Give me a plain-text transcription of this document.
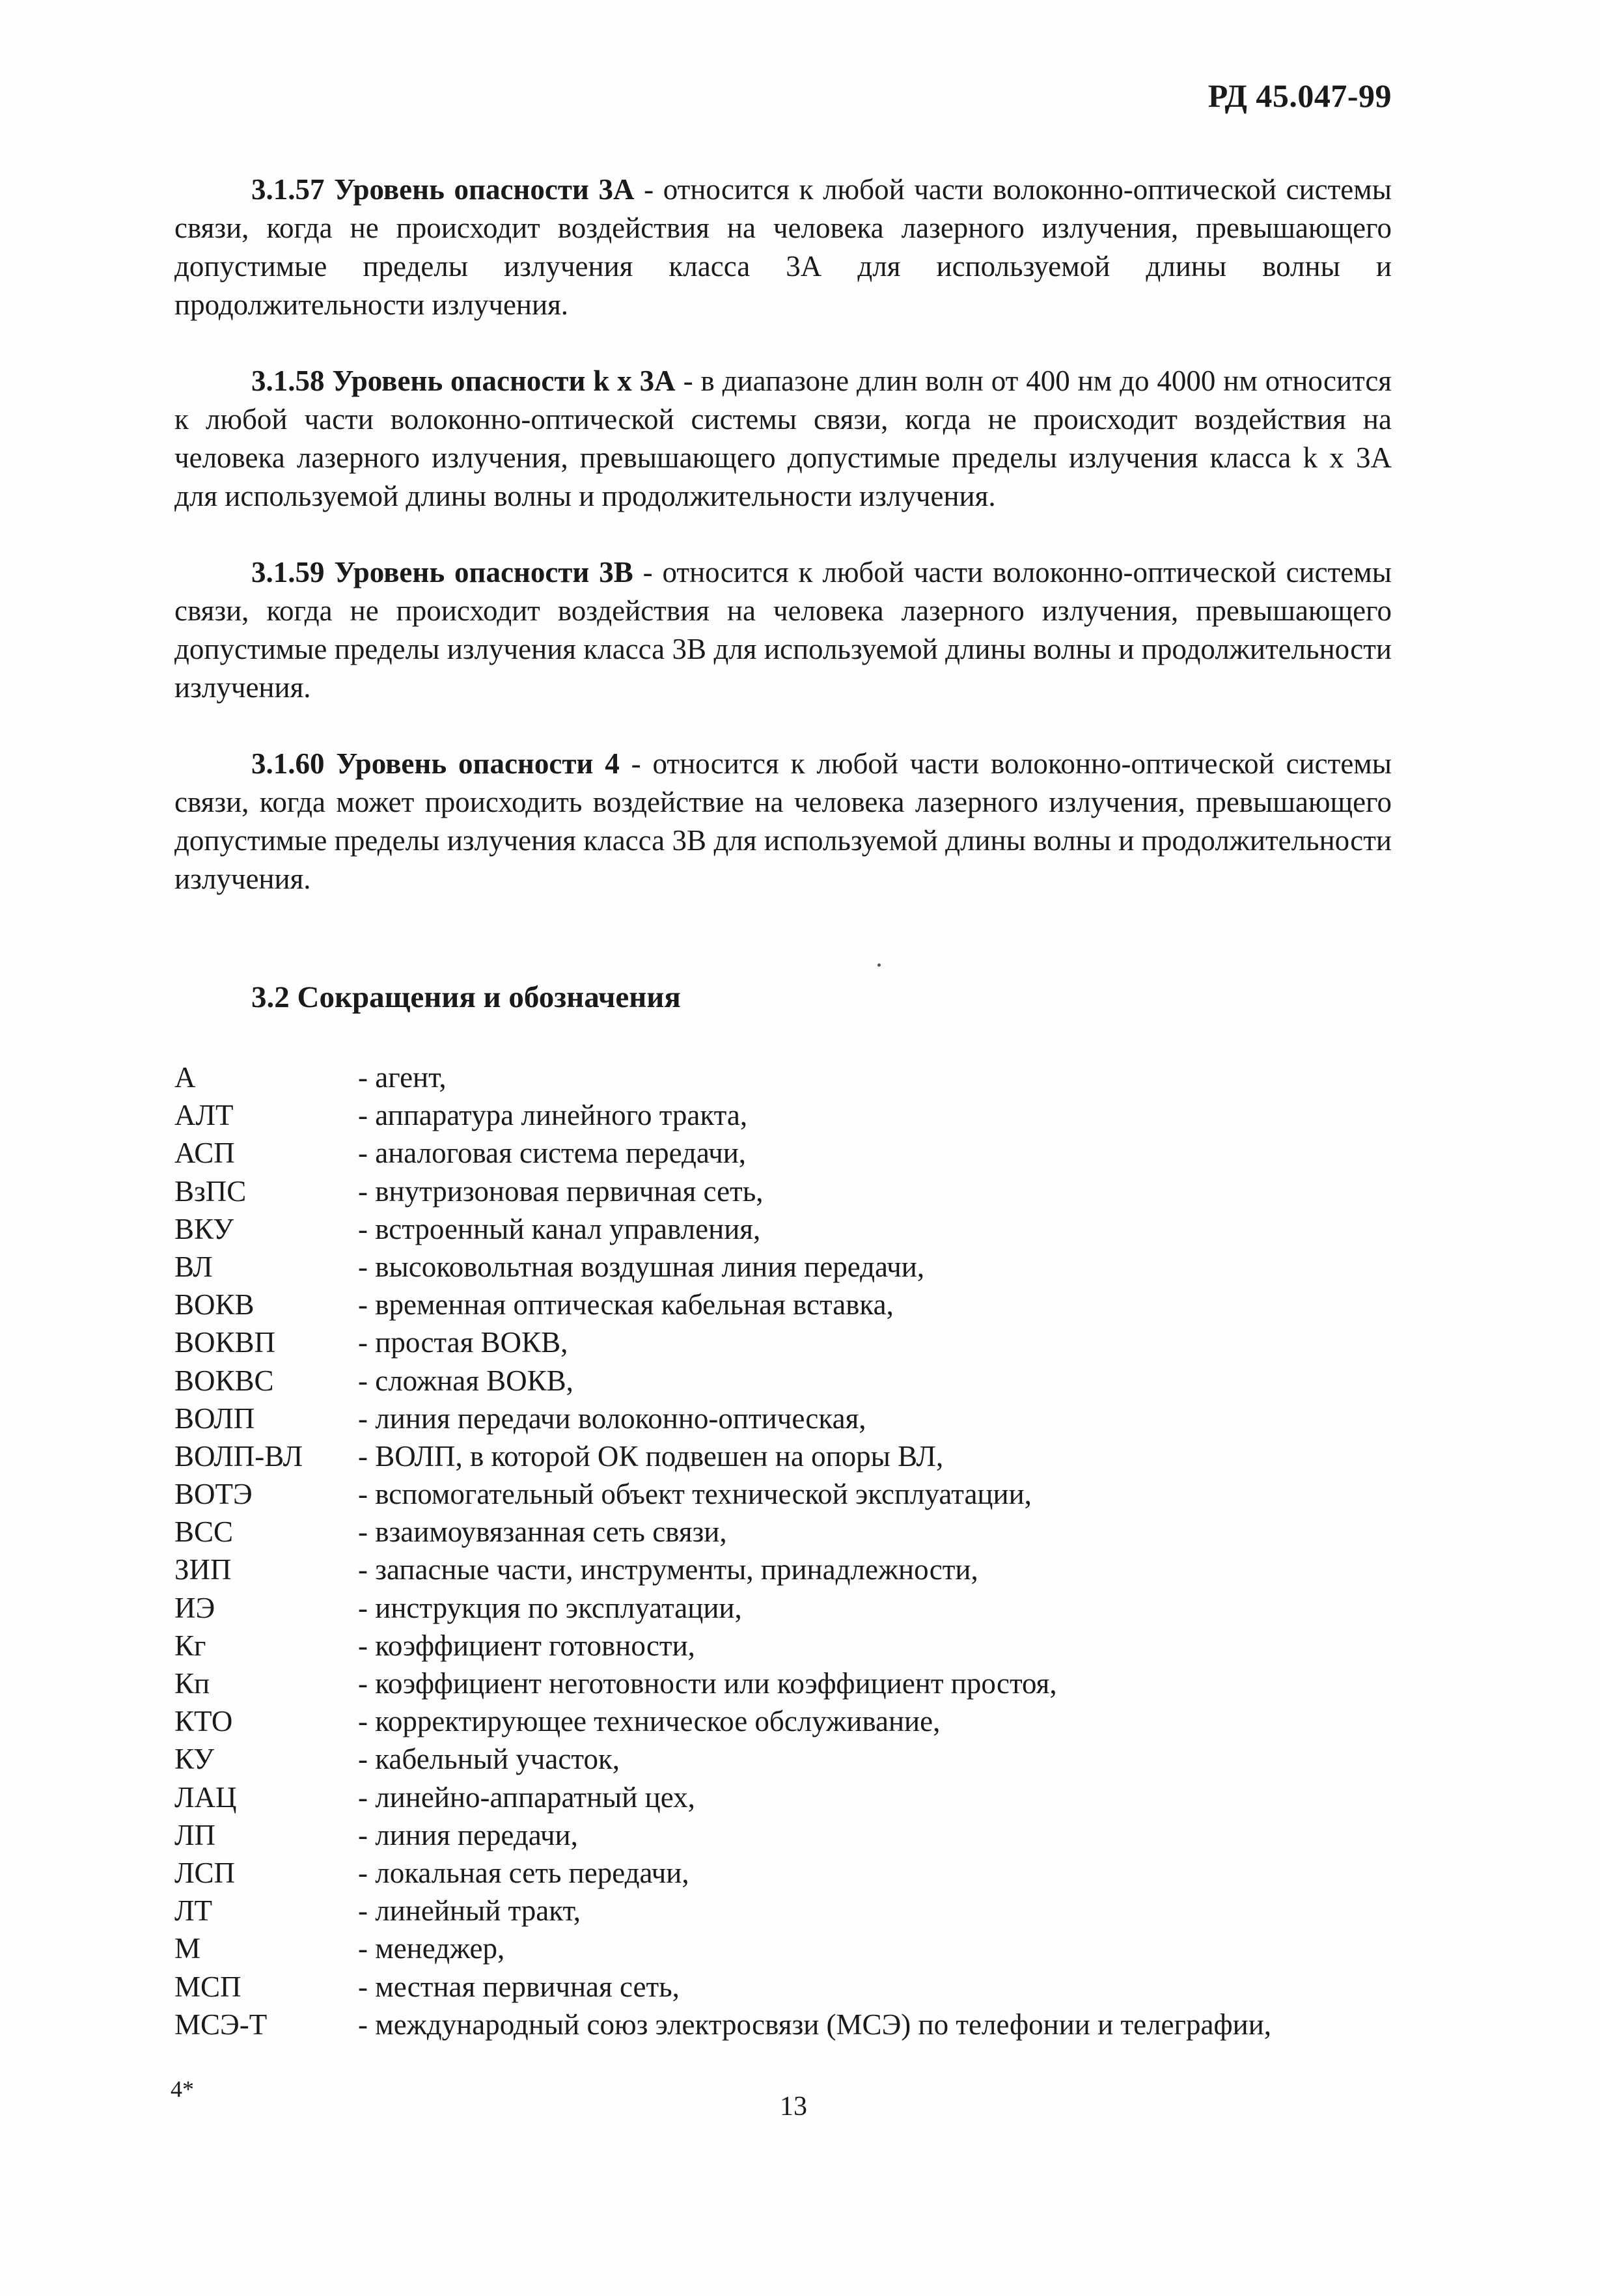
РД 45.047-99

3.1.57 Уровень опасности 3А - относится к любой части волоконно-оптической системы связи, когда не происходит воздействия на человека лазерного излучения, превышающего допустимые пределы излучения класса 3А для используемой длины волны и продолжительности излучения.

3.1.58 Уровень опасности k x 3А - в диапазоне длин волн от 400 нм до 4000 нм относится к любой части волоконно-оптической системы связи, когда не происходит воздействия на человека лазерного излучения, превышающего допустимые пределы излучения класса k x 3А для используемой длины волны и продолжительности излучения.

3.1.59 Уровень опасности 3В - относится к любой части волоконно-оптической системы связи, когда не происходит воздействия на человека лазерного излучения, превышающего допустимые пределы излучения класса 3В для используемой длины волны и продолжительности излучения.

3.1.60 Уровень опасности 4 - относится к любой части волоконно-оптической системы связи, когда может происходить воздействие на человека лазерного излучения, превышающего допустимые пределы излучения класса 3В для используемой длины волны и продолжительности излучения.

3.2 Сокращения и обозначения
А	- агент,
АЛТ	- аппаратура линейного тракта,
АСП	- аналоговая система передачи,
ВзПС	- внутризоновая первичная сеть,
ВКУ	- встроенный канал управления,
ВЛ	- высоковольтная воздушная линия передачи,
ВОКВ	- временная оптическая кабельная вставка,
ВОКВП	- простая ВОКВ,
ВОКВС	- сложная ВОКВ,
ВОЛП	- линия передачи волоконно-оптическая,
ВОЛП-ВЛ	- ВОЛП, в которой ОК подвешен на опоры ВЛ,
ВОТЭ	- вспомогательный объект технической эксплуатации,
ВСС	- взаимоувязанная сеть связи,
ЗИП	- запасные части, инструменты, принадлежности,
ИЭ	- инструкция по эксплуатации,
Кг	- коэффициент готовности,
Кп	- коэффициент неготовности или коэффициент простоя,
КТО	- корректирующее техническое обслуживание,
КУ	- кабельный участок,
ЛАЦ	- линейно-аппаратный цех,
ЛП	- линия передачи,
ЛСП	- локальная сеть передачи,
ЛТ	- линейный тракт,
М	- менеджер,
МСП	- местная первичная сеть,
МСЭ-Т	- международный союз электросвязи (МСЭ) по телефонии и телеграфии,
4*
13
